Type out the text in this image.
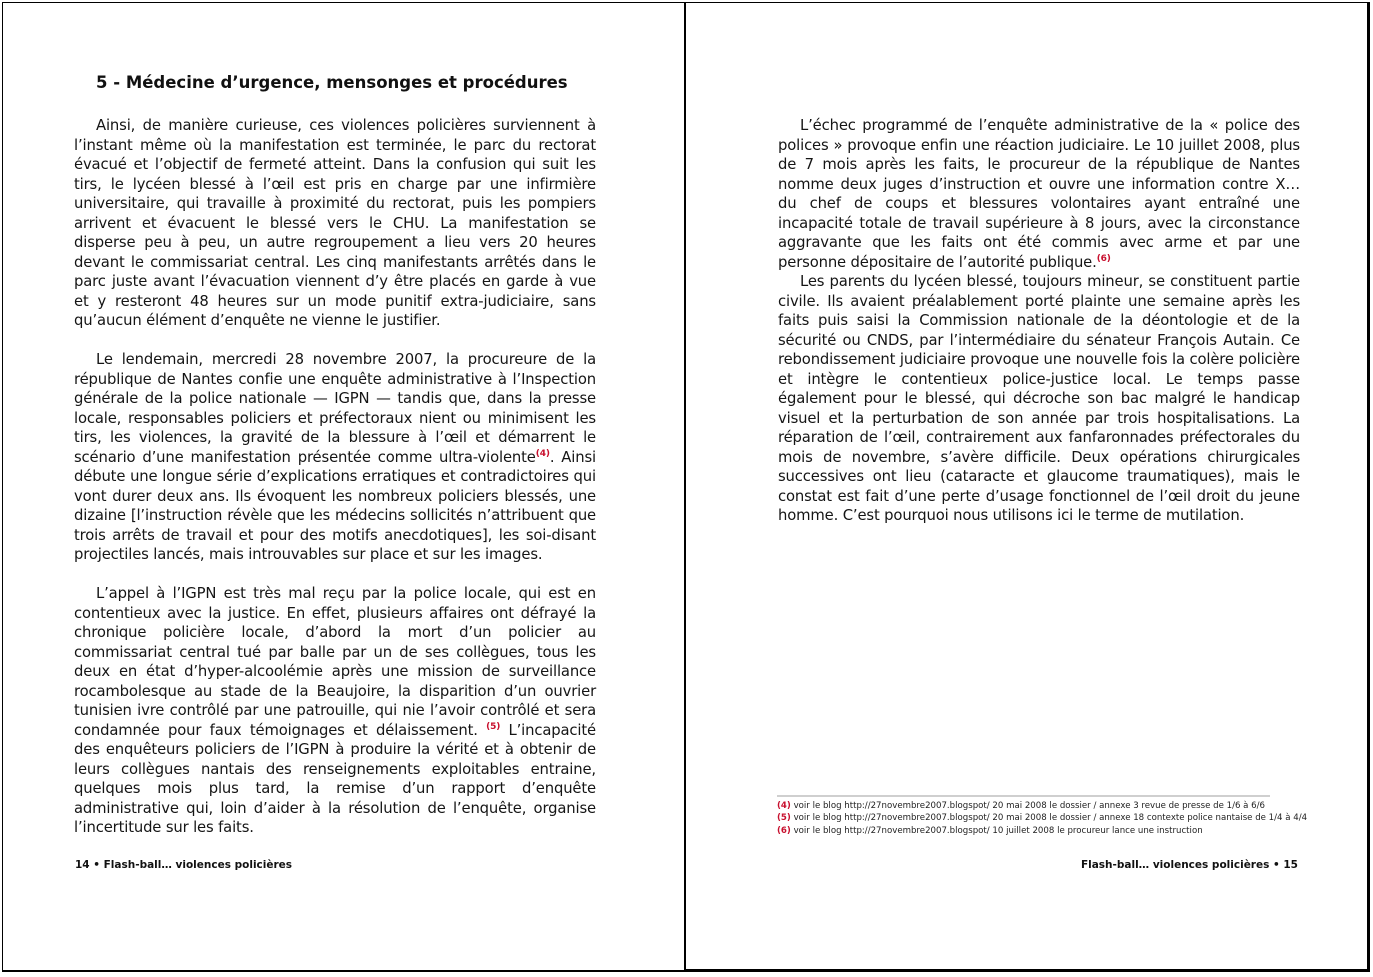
5 - Médecine d’urgence, mensonges et procédures

Ainsi, de manière curieuse, ces violences policières surviennent à l’instant même où la manifestation est terminée, le parc du rectorat évacué et l’objectif de fermeté atteint. Dans la confusion qui suit les tirs, le lycéen blessé à l’œil est pris en charge par une infirmière universitaire, qui travaille à proximité du rectorat, puis les pompiers arrivent et évacuent le blessé vers le CHU. La manifestation se disperse peu à peu, un autre regroupement a lieu vers 20 heures devant le commissariat central. Les cinq manifestants arrêtés dans le parc juste avant l’évacuation viennent d’y être placés en garde à vue et y resteront 48 heures sur un mode punitif extra-judiciaire, sans qu’aucun élément d’enquête ne vienne le justifier.

Le lendemain, mercredi 28 novembre 2007, la procureure de la république de Nantes confie une enquête administrative à l’Inspection générale de la police nationale — IGPN — tandis que, dans la presse locale, responsables policiers et préfectoraux nient ou minimisent les tirs, les violences, la gravité de la blessure à l’œil et démarrent le scénario d’une manifestation présentée comme ultra-violente$^{(4)}$. Ainsi débute une longue série d’explications erratiques et contradictoires qui vont durer deux ans. Ils évoquent les nombreux policiers blessés, une dizaine [l’instruction révèle que les médecins sollicités n’attribuent que trois arrêts de travail et pour des motifs anecdotiques], les soi-disant projectiles lancés, mais introuvables sur place et sur les images.

L’appel à l’IGPN est très mal reçu par la police locale, qui est en contentieux avec la justice. En effet, plusieurs affaires ont défrayé la chronique policière locale, d’abord la mort d’un policier au commissariat central tué par balle par un de ses collègues, tous les deux en état d’hyper-alcoolémie après une mission de surveillance rocambolesque au stade de la Beaujoire, la disparition d’un ouvrier tunisien ivre contrôlé par une patrouille, qui nie l’avoir contrôlé et sera condamnée pour faux témoignages et délaissement. $^{(5)}$ L’incapacité des enquêteurs policiers de l’IGPN à produire la vérité et à obtenir de leurs collègues nantais des renseignements exploitables entraine, quelques mois plus tard, la remise d’un rapport d’enquête administrative qui, loin d’aider à la résolution de l’enquête, organise l’incertitude sur les faits.

14 • Flash-ball… violences policières

L’échec programmé de l’enquête administrative de la « police des polices » provoque enfin une réaction judiciaire. Le 10 juillet 2008, plus de 7 mois après les faits, le procureur de la république de Nantes nomme deux juges d’instruction et ouvre une information contre X… du chef de coups et blessures volontaires ayant entraîné une incapacité totale de travail supérieure à 8 jours, avec la circonstance aggravante que les faits ont été commis avec arme et par une personne dépositaire de l’autorité publique.$^{(6)}$

Les parents du lycéen blessé, toujours mineur, se constituent partie civile. Ils avaient préalablement porté plainte une semaine après les faits puis saisi la Commission nationale de la déontologie et de la sécurité ou CNDS, par l’intermédiaire du sénateur François Autain. Ce rebondissement judiciaire provoque une nouvelle fois la colère policière et intègre le contentieux police-justice local. Le temps passe également pour le blessé, qui décroche son bac malgré le handicap visuel et la perturbation de son année par trois hospitalisations. La réparation de l’œil, contrairement aux fanfaronnades préfectorales du mois de novembre, s’avère difficile. Deux opérations chirurgicales successives ont lieu (cataracte et glaucome traumatiques), mais le constat est fait d’une perte d’usage fonctionnel de l’œil droit du jeune homme. C’est pourquoi nous utilisons ici le terme de mutilation.

(4) voir le blog http://27novembre2007.blogspot/ 20 mai 2008 le dossier / annexe 3 revue de presse de 1/6 à 6/6
(5) voir le blog http://27novembre2007.blogspot/ 20 mai 2008 le dossier / annexe 18 contexte police nantaise de 1/4 à 4/4
(6) voir le blog http://27novembre2007.blogspot/ 10 juillet 2008 le procureur lance une instruction
Flash-ball… violences policières • 15
